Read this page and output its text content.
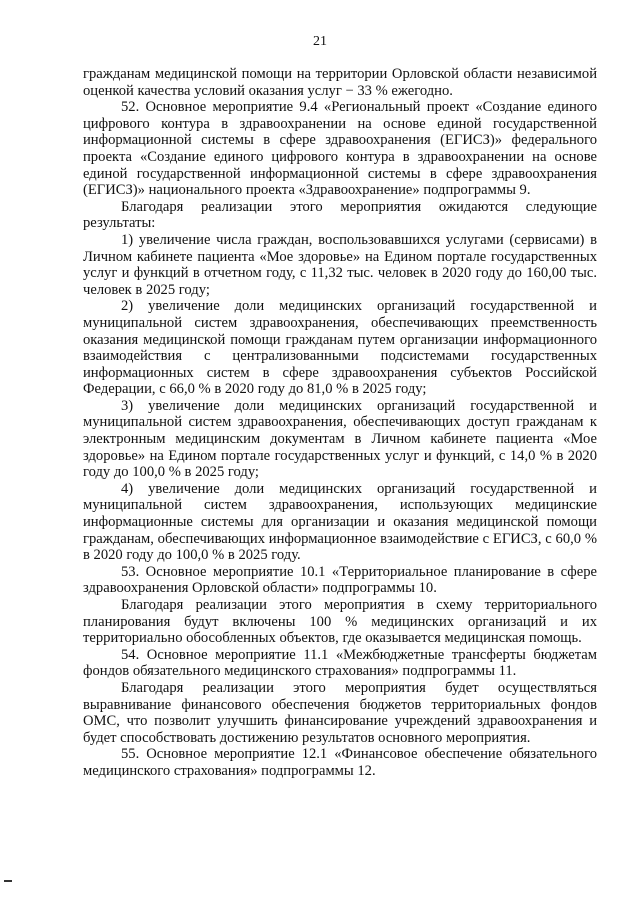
21

гражданам медицинской помощи на территории Орловской области независимой оценкой качества условий оказания услуг − 33 % ежегодно.

52. Основное мероприятие 9.4 «Региональный проект «Создание единого цифрового контура в здравоохранении на основе единой государственной информационной системы в сфере здравоохранения (ЕГИСЗ)» федерального проекта «Создание единого цифрового контура в здравоохранении на основе единой государственной информационной системы в сфере здравоохранения (ЕГИСЗ)» национального проекта «Здравоохранение» подпрограммы 9.

Благодаря реализации этого мероприятия ожидаются следующие результаты:

1) увеличение числа граждан, воспользовавшихся услугами (сервисами) в Личном кабинете пациента «Мое здоровье» на Едином портале государственных услуг и функций в отчетном году, с 11,32 тыс. человек в 2020 году до 160,00 тыс. человек в 2025 году;

2) увеличение доли медицинских организаций государственной и муниципальной систем здравоохранения, обеспечивающих преемственность оказания медицинской помощи гражданам путем организации информационного взаимодействия с централизованными подсистемами государственных информационных систем в сфере здравоохранения субъектов Российской Федерации, с 66,0 % в 2020 году до 81,0 % в 2025 году;

3) увеличение доли медицинских организаций государственной и муниципальной систем здравоохранения, обеспечивающих доступ гражданам к электронным медицинским документам в Личном кабинете пациента «Мое здоровье» на Едином портале государственных услуг и функций, с 14,0 % в 2020 году до 100,0 % в 2025 году;

4) увеличение доли медицинских организаций государственной и муниципальной систем здравоохранения, использующих медицинские информационные системы для организации и оказания медицинской помощи гражданам, обеспечивающих информационное взаимодействие с ЕГИСЗ, с 60,0 % в 2020 году до 100,0 % в 2025 году.

53. Основное мероприятие 10.1 «Территориальное планирование в сфере здравоохранения Орловской области» подпрограммы 10.

Благодаря реализации этого мероприятия в схему территориального планирования будут включены 100 % медицинских организаций и их территориально обособленных объектов, где оказывается медицинская помощь.

54. Основное мероприятие 11.1 «Межбюджетные трансферты бюджетам фондов обязательного медицинского страхования» подпрограммы 11.

Благодаря реализации этого мероприятия будет осуществляться выравнивание финансового обеспечения бюджетов территориальных фондов ОМС, что позволит улучшить финансирование учреждений здравоохранения и будет способствовать достижению результатов основного мероприятия.

55. Основное мероприятие 12.1 «Финансовое обеспечение обязательного медицинского страхования» подпрограммы 12.
